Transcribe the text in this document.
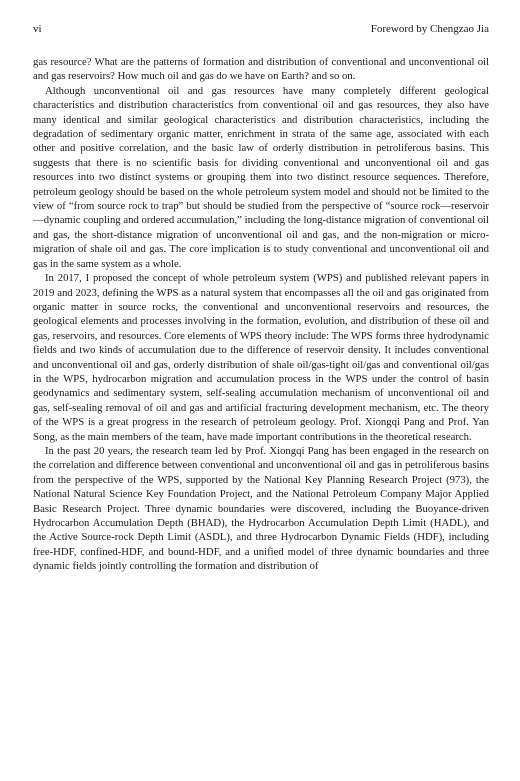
vi	Foreword by Chengzao Jia

gas resource? What are the patterns of formation and distribution of conventional and unconventional oil and gas reservoirs? How much oil and gas do we have on Earth? and so on.

Although unconventional oil and gas resources have many completely different geological characteristics and distribution characteristics from conventional oil and gas resources, they also have many identical and similar geological characteristics and distribution characteristics, including the degradation of sedimentary organic matter, enrichment in strata of the same age, associated with each other and positive correlation, and the basic law of orderly distribution in petroliferous basins. This suggests that there is no scientific basis for dividing conventional and unconventional oil and gas resources into two distinct systems or grouping them into two distinct resource sequences. Therefore, petroleum geology should be based on the whole petroleum system model and should not be limited to the view of “from source rock to trap” but should be studied from the perspective of “source rock—reservoir—dynamic coupling and ordered accumulation,” including the long-distance migration of conventional oil and gas, the short-distance migration of unconventional oil and gas, and the non-migration or micro-migration of shale oil and gas. The core implication is to study conventional and unconventional oil and gas in the same system as a whole.

In 2017, I proposed the concept of whole petroleum system (WPS) and published relevant papers in 2019 and 2023, defining the WPS as a natural system that encompasses all the oil and gas originated from organic matter in source rocks, the conventional and unconventional reservoirs and resources, the geological elements and processes involving in the formation, evolution, and distribution of these oil and gas, reservoirs, and resources. Core elements of WPS theory include: The WPS forms three hydrodynamic fields and two kinds of accumulation due to the difference of reservoir density. It includes conventional and unconventional oil and gas, orderly distribution of shale oil/gas-tight oil/gas and conventional oil/gas in the WPS, hydrocarbon migration and accumulation process in the WPS under the control of basin geodynamics and sedimentary system, self-sealing accumulation mechanism of unconventional oil and gas, self-sealing removal of oil and gas and artificial fracturing development mechanism, etc. The theory of the WPS is a great progress in the research of petroleum geology. Prof. Xiongqi Pang and Prof. Yan Song, as the main members of the team, have made important contributions in the theoretical research.

In the past 20 years, the research team led by Prof. Xiongqi Pang has been engaged in the research on the correlation and difference between conventional and unconventional oil and gas in petroliferous basins from the perspective of the WPS, supported by the National Key Planning Research Project (973), the National Natural Science Key Foundation Project, and the National Petroleum Company Major Applied Basic Research Project. Three dynamic boundaries were discovered, including the Buoyance-driven Hydrocarbon Accumulation Depth (BHAD), the Hydrocarbon Accumulation Depth Limit (HADL), and the Active Source-rock Depth Limit (ASDL), and three Hydrocarbon Dynamic Fields (HDF), including free-HDF, confined-HDF, and bound-HDF, and a unified model of three dynamic boundaries and three dynamic fields jointly controlling the formation and distribution of
